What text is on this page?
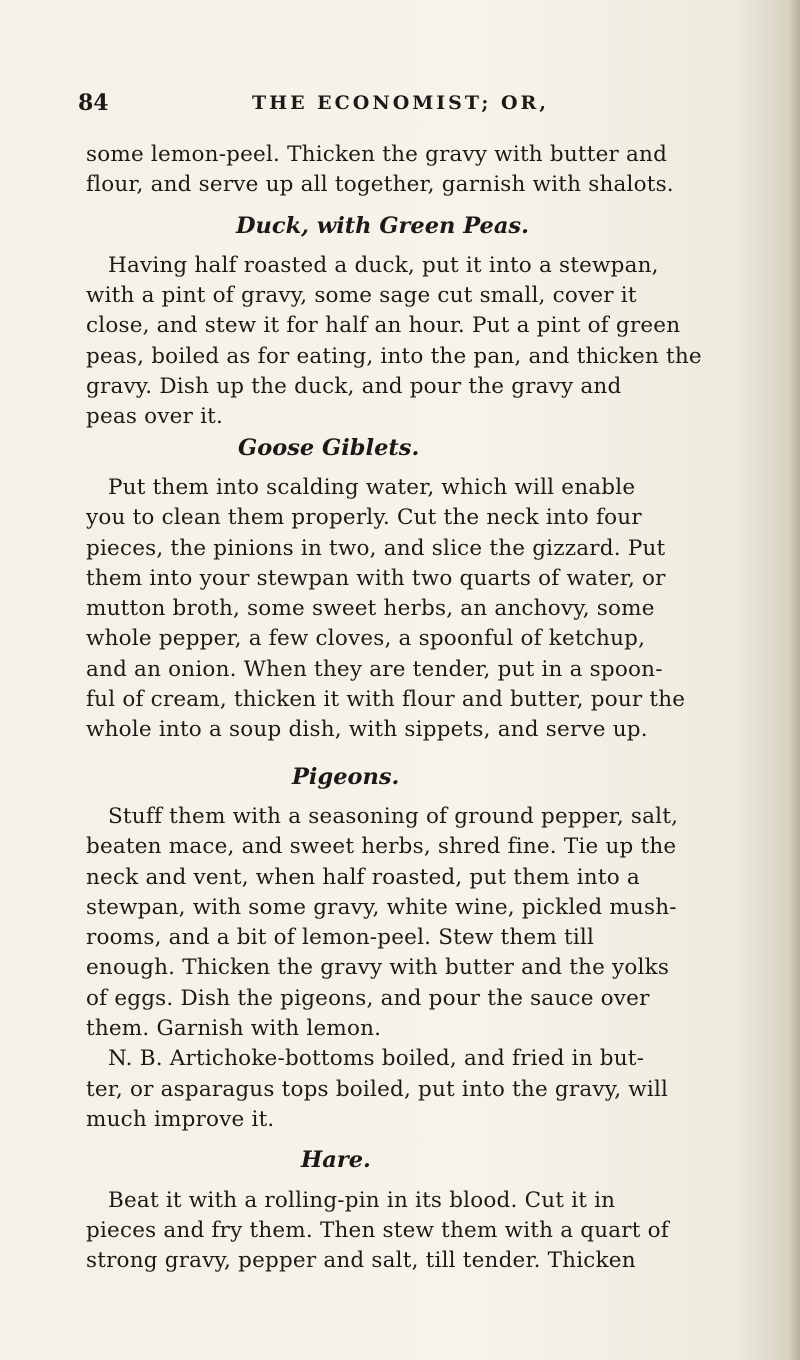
84	THE ECONOMIST; OR,
some lemon-peel. Thicken the gravy with butter and
flour, and serve up all together, garnish with shalots.
Duck, with Green Peas.
Having half roasted a duck, put it into a stewpan,
with a pint of gravy, some sage cut small, cover it
close, and stew it for half an hour. Put a pint of green
peas, boiled as for eating, into the pan, and thicken the
gravy. Dish up the duck, and pour the gravy and
peas over it.
Goose Giblets.
Put them into scalding water, which will enable
you to clean them properly. Cut the neck into four
pieces, the pinions in two, and slice the gizzard. Put
them into your stewpan with two quarts of water, or
mutton broth, some sweet herbs, an anchovy, some
whole pepper, a few cloves, a spoonful of ketchup,
and an onion. When they are tender, put in a spoon-
ful of cream, thicken it with flour and butter, pour the
whole into a soup dish, with sippets, and serve up.
Pigeons.
Stuff them with a seasoning of ground pepper, salt,
beaten mace, and sweet herbs, shred fine. Tie up the
neck and vent, when half roasted, put them into a
stewpan, with some gravy, white wine, pickled mush-
rooms, and a bit of lemon-peel. Stew them till
enough. Thicken the gravy with butter and the yolks
of eggs. Dish the pigeons, and pour the sauce over
them. Garnish with lemon.
N. B. Artichoke-bottoms boiled, and fried in but-
ter, or asparagus tops boiled, put into the gravy, will
much improve it.
Hare.
Beat it with a rolling-pin in its blood. Cut it in
pieces and fry them. Then stew them with a quart of
strong gravy, pepper and salt, till tender. Thicken
